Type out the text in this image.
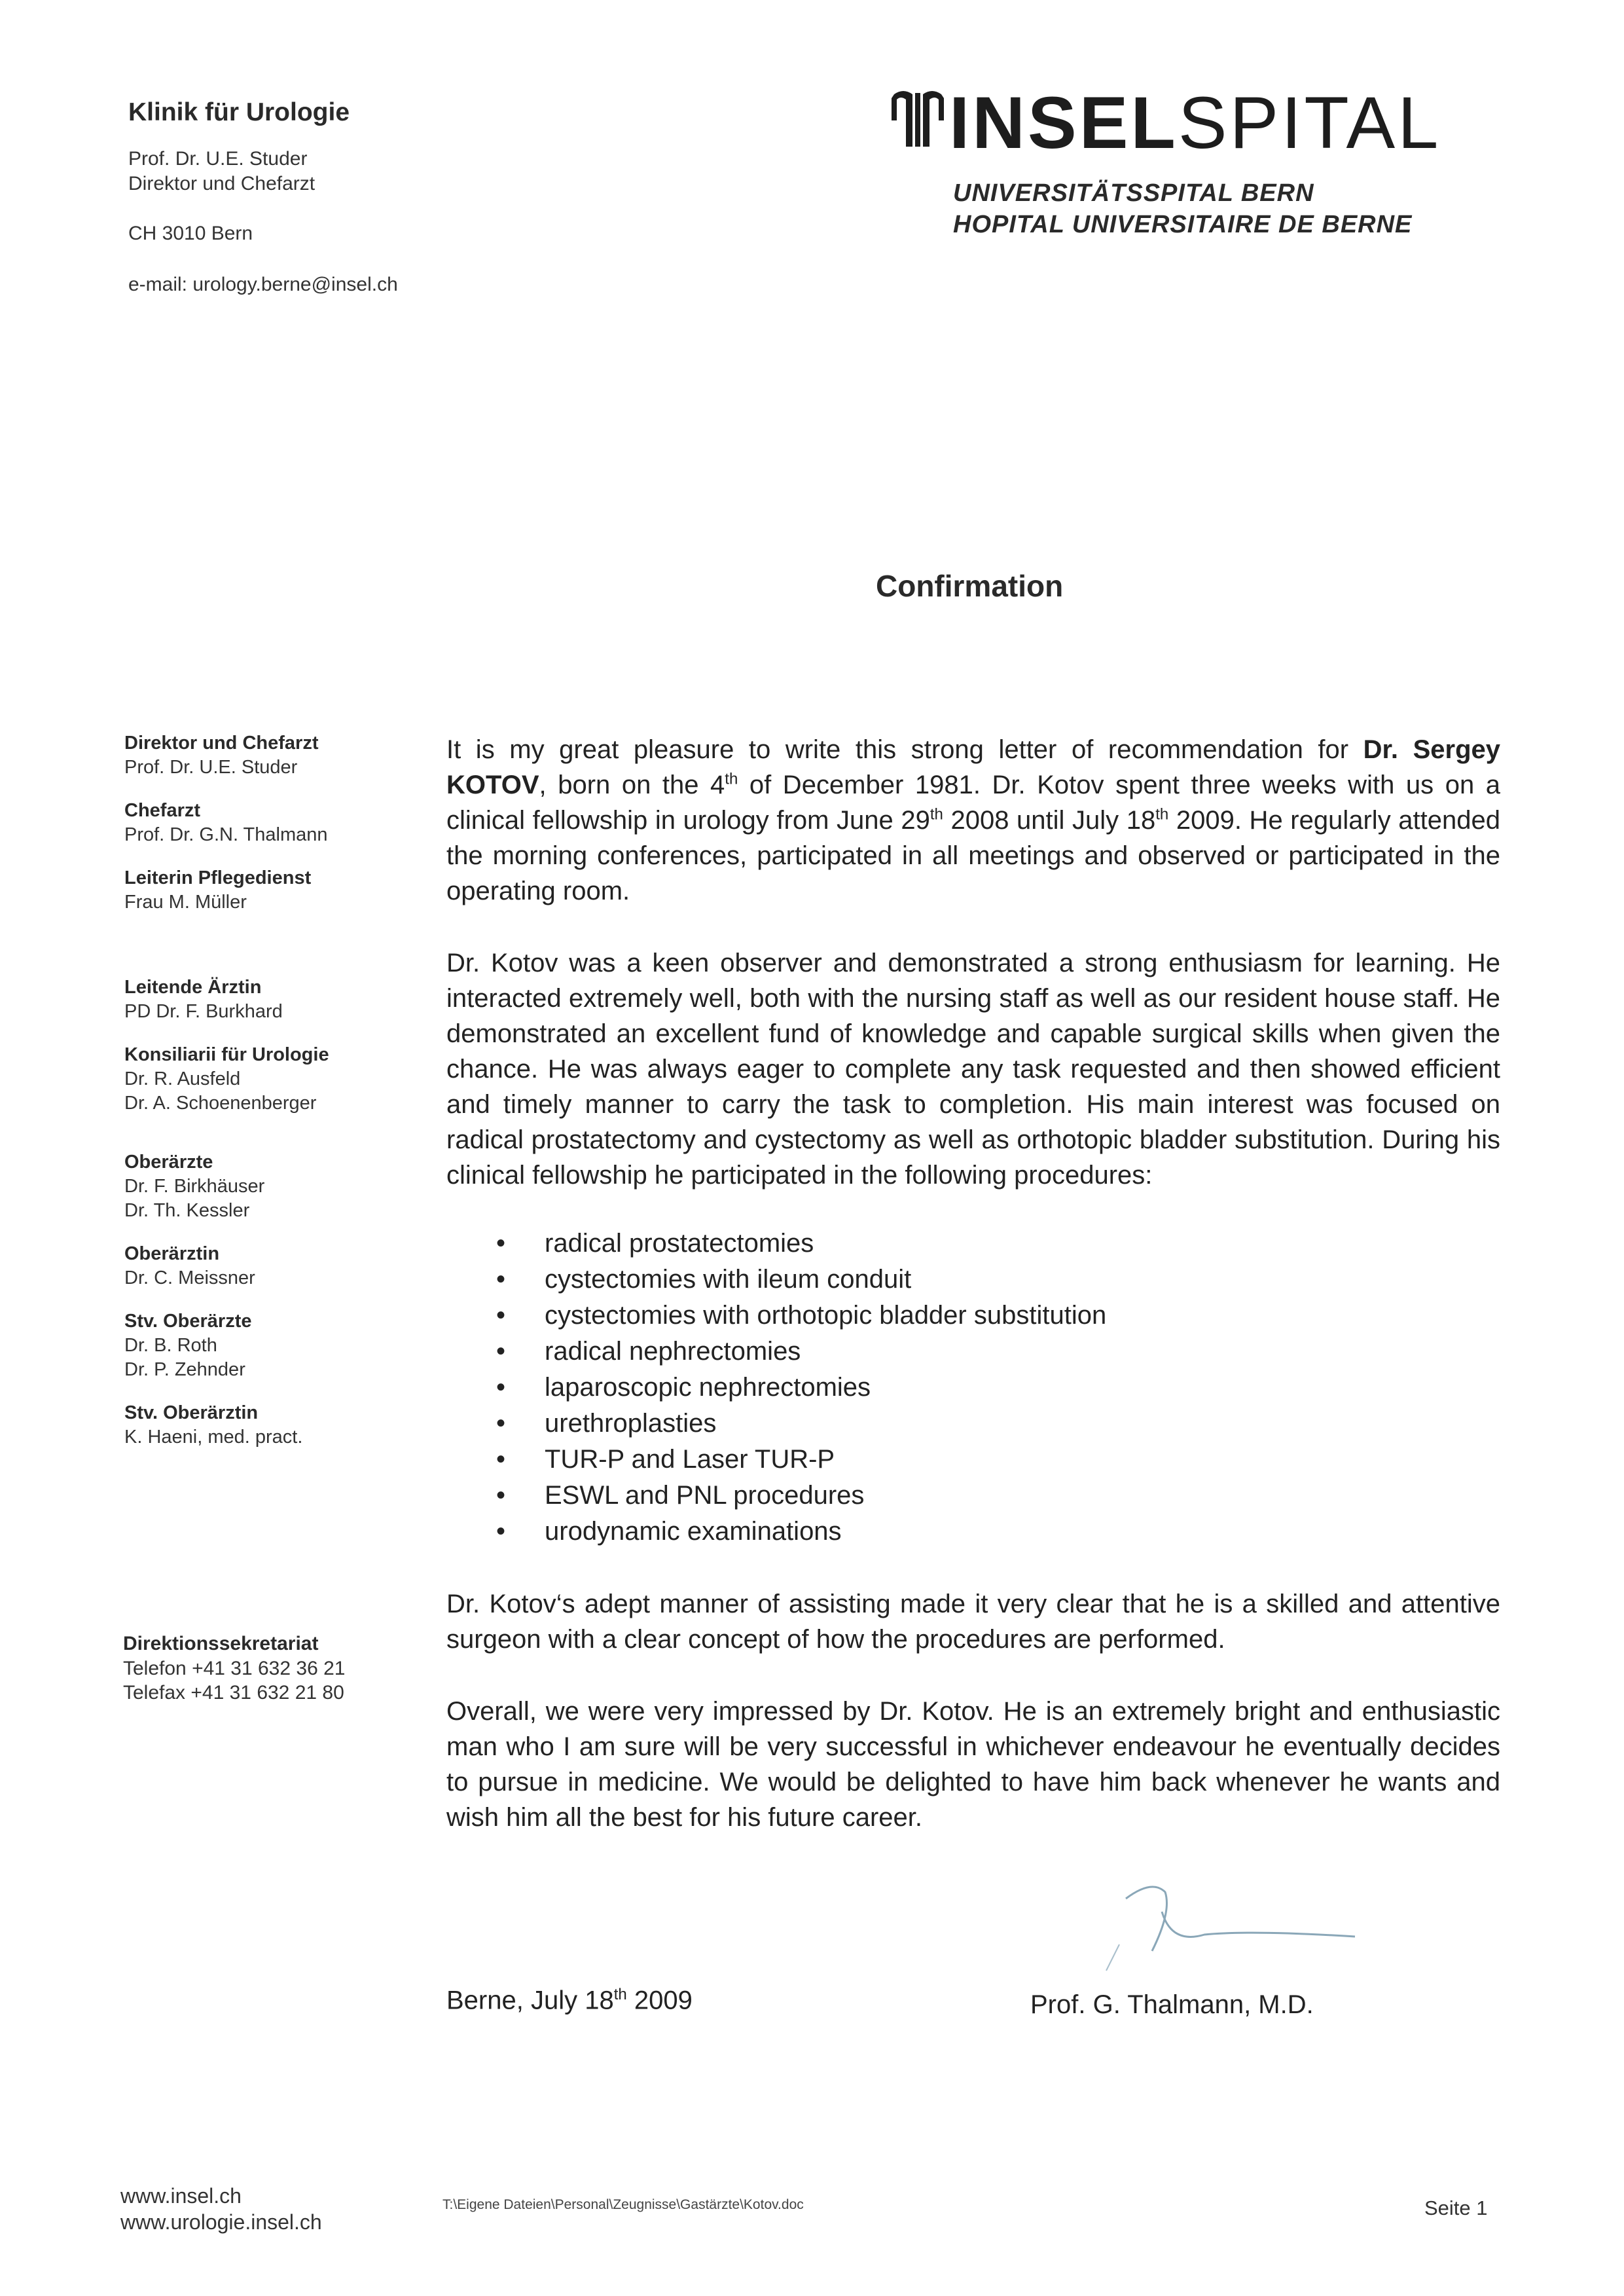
Klinik für Urologie
Prof. Dr. U.E. Studer
Direktor und Chefarzt
CH 3010 Bern
e-mail: urology.berne@insel.ch
INSELSPITAL
UNIVERSITÄTSSPITAL BERN
HOPITAL UNIVERSITAIRE DE BERNE
Confirmation
Direktor und Chefarzt
Prof. Dr. U.E. Studer
Chefarzt
Prof. Dr. G.N. Thalmann
Leiterin Pflegedienst
Frau M. Müller
Leitende Ärztin
PD Dr. F. Burkhard
Konsiliarii für Urologie
Dr. R. Ausfeld
Dr. A. Schoenenberger
Oberärzte
Dr. F. Birkhäuser
Dr. Th. Kessler
Oberärztin
Dr. C. Meissner
Stv. Oberärzte
Dr. B. Roth
Dr. P. Zehnder
Stv. Oberärztin
K. Haeni, med. pract.
Direktionssekretariat
Telefon +41 31 632 36 21
Telefax +41 31 632 21 80

It is my great pleasure to write this strong letter of recommendation for Dr. Sergey KOTOV, born on the 4th of December 1981. Dr. Kotov spent three weeks with us on a clinical fellowship in urology from June 29th 2008 until July 18th 2009. He regularly attended the morning conferences, participated in all meetings and observed or participated in the operating room.

Dr. Kotov was a keen observer and demonstrated a strong enthusiasm for learning. He interacted extremely well, both with the nursing staff as well as our resident house staff. He demonstrated an excellent fund of knowledge and capable surgical skills when given the chance. He was always eager to complete any task requested and then showed efficient and timely manner to carry the task to completion. His main interest was focused on radical prostatectomy and cystectomy as well as orthotopic bladder substitution. During his clinical fellowship he participated in the following procedures:

• radical prostatectomies
• cystectomies with ileum conduit
• cystectomies with orthotopic bladder substitution
• radical nephrectomies
• laparoscopic nephrectomies
• urethroplasties
• TUR-P and Laser TUR-P
• ESWL and PNL procedures
• urodynamic examinations

Dr. Kotov‘s adept manner of assisting made it very clear that he is a skilled and attentive surgeon with a clear concept of how the procedures are performed.

Overall, we were very impressed by Dr. Kotov. He is an extremely bright and enthusiastic man who I am sure will be very successful in whichever endeavour he eventually decides to pursue in medicine. We would be delighted to have him back whenever he wants and wish him all the best for his future career.

Berne, July 18th 2009	Prof. G. Thalmann, M.D.
www.insel.ch
www.urologie.insel.ch
T:\Eigene Dateien\Personal\Zeugnisse\Gastärzte\Kotov.doc	Seite 1
